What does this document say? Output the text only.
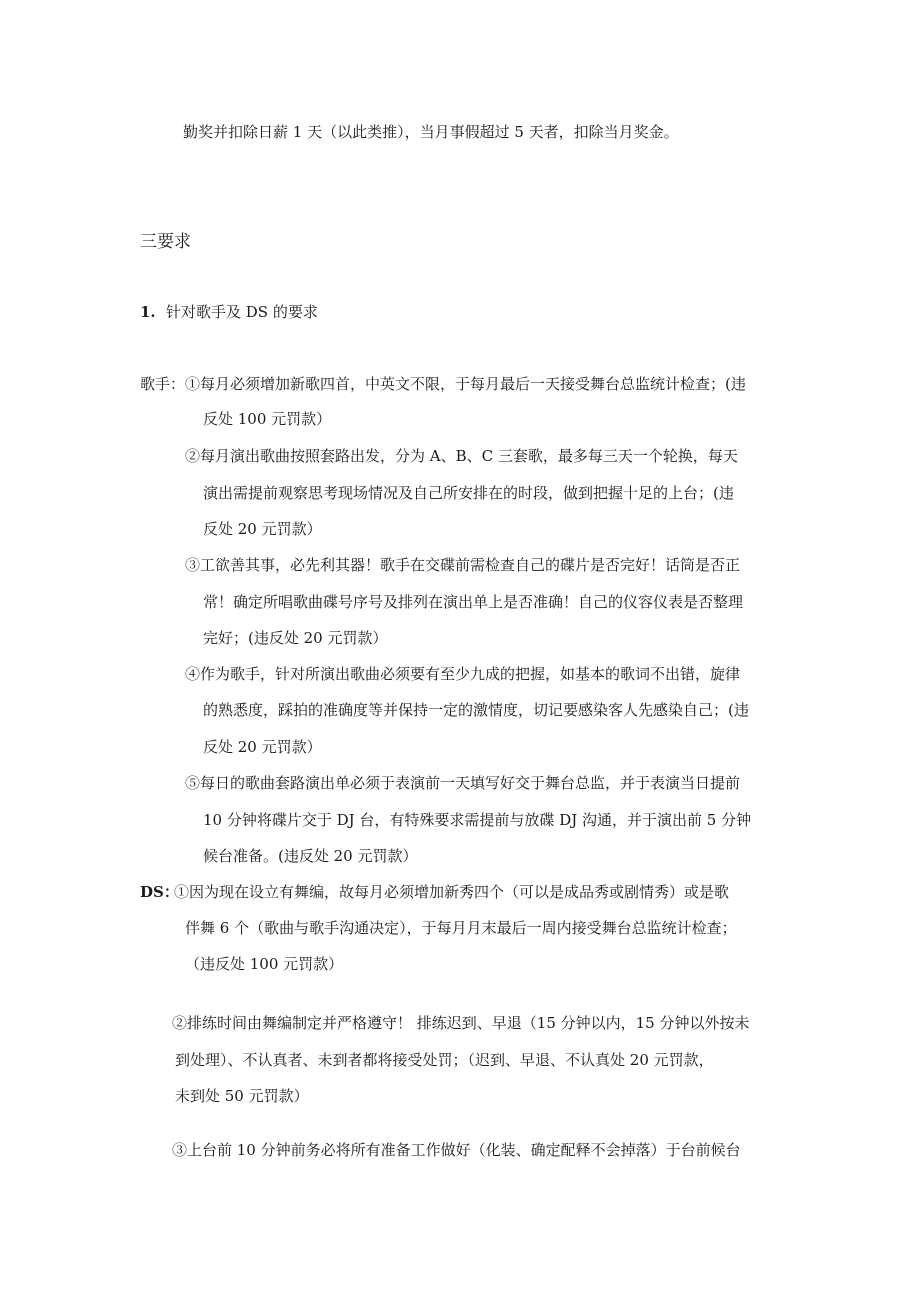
勤奖并扣除日薪 1 天（以此类推），当月事假超过 5 天者，扣除当月奖金。
三要求
1. 针对歌手及 DS 的要求
歌手： ①每月必须增加新歌四首，中英文不限，于每月最后一天接受舞台总监统计检查；(违
反处 100 元罚款）
②每月演出歌曲按照套路出发，分为 A、B、C 三套歌，最多每三天一个轮换，每天
演出需提前观察思考现场情况及自己所安排在的时段，做到把握十足的上台；(违
反处 20 元罚款）
③工欲善其事，必先利其器！歌手在交碟前需检查自己的碟片是否完好！话筒是否正
常！确定所唱歌曲碟号序号及排列在演出单上是否准确！自己的仪容仪表是否整理
完好；(违反处 20 元罚款）
④作为歌手，针对所演出歌曲必须要有至少九成的把握，如基本的歌词不出错，旋律
的熟悉度，踩拍的准确度等并保持一定的激情度，切记要感染客人先感染自己；(违
反处 20 元罚款）
⑤每日的歌曲套路演出单必须于表演前一天填写好交于舞台总监，并于表演当日提前
10 分钟将碟片交于 DJ 台，有特殊要求需提前与放碟 DJ 沟通，并于演出前 5 分钟
候台准备。(违反处 20 元罚款）
DS：
①因为现在设立有舞编，故每月必须增加新秀四个（可以是成品秀或剧情秀）或是歌
伴舞 6 个（歌曲与歌手沟通决定），于每月月末最后一周内接受舞台总监统计检查；
（违反处 100 元罚款）
②排练时间由舞编制定并严格遵守！ 排练迟到、早退（15 分钟以内，15 分钟以外按未
到处理）、不认真者、未到者都将接受处罚；（迟到、早退、不认真处 20 元罚款，
未到处 50 元罚款）
③上台前 10 分钟前务必将所有准备工作做好（化装、确定配释不会掉落）于台前候台
